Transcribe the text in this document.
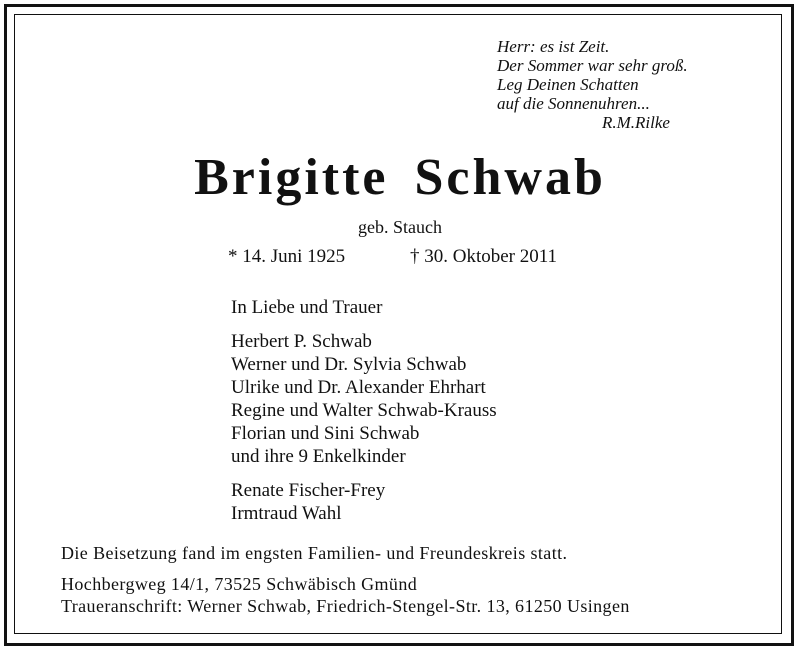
Herr: es ist Zeit.
Der Sommer war sehr groß.
Leg Deinen Schatten
auf die Sonnenuhren...
R.M.Rilke
Brigitte Schwab
geb. Stauch
* 14. Juni 1925	† 30. Oktober 2011
In Liebe und Trauer
Herbert P. Schwab
Werner und Dr. Sylvia Schwab
Ulrike und Dr. Alexander Ehrhart
Regine und Walter Schwab-Krauss
Florian und Sini Schwab
und ihre 9 Enkelkinder
Renate Fischer-Frey
Irmtraud Wahl
Die Beisetzung fand im engsten Familien- und Freundeskreis statt.
Hochbergweg 14/1, 73525 Schwäbisch Gmünd
Traueranschrift: Werner Schwab, Friedrich-Stengel-Str. 13, 61250 Usingen
